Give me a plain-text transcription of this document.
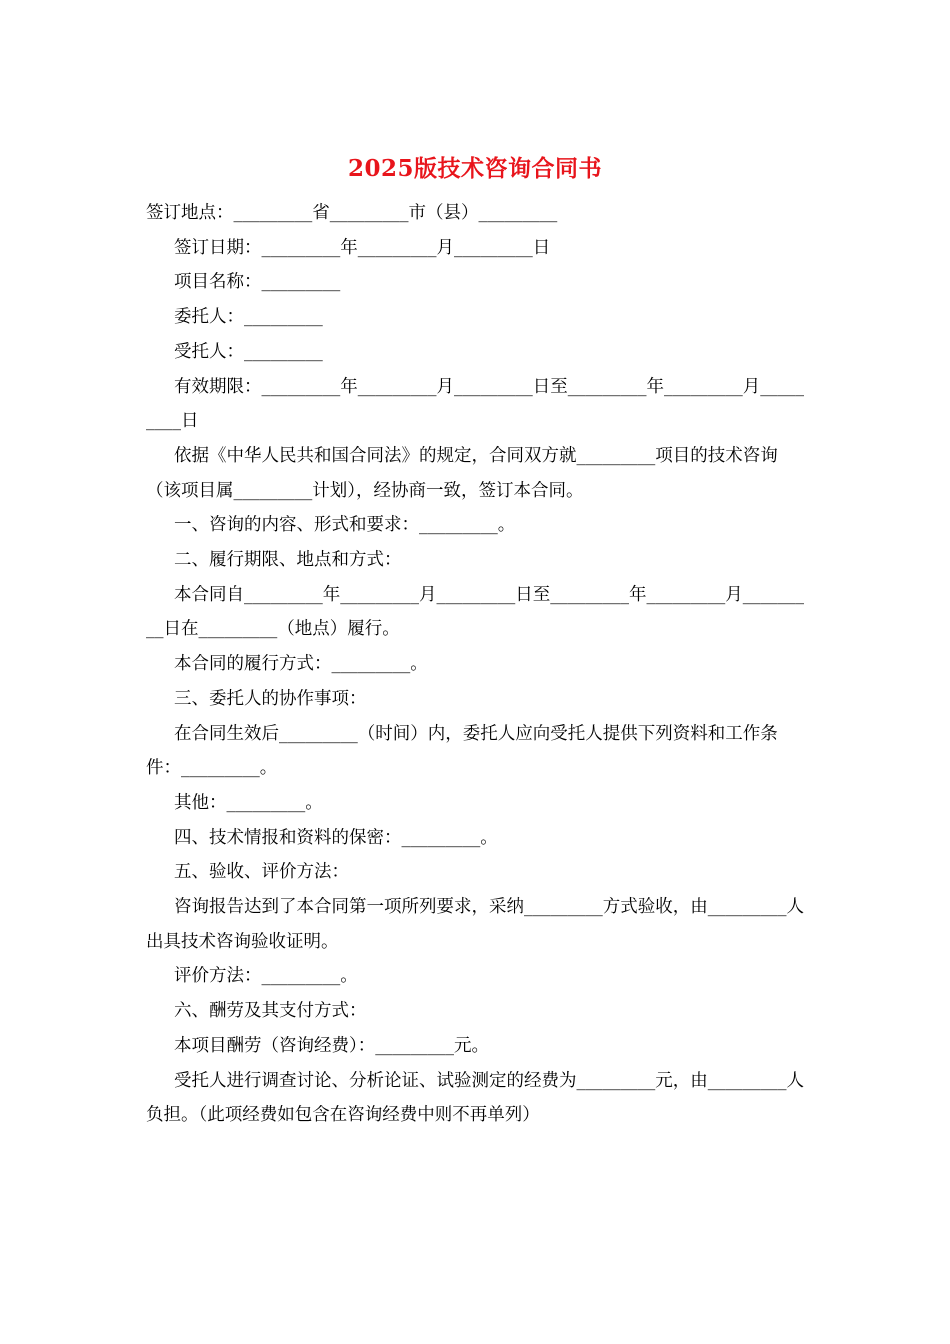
2025版技术咨询合同书

签订地点：_________省_________市（县）_________

签订日期：_________年_________月_________日

项目名称：_________

委托人：_________

受托人：_________

有效期限：_________年_________月_________日至_________年_________月_________日

依据《中华人民共和国合同法》的规定，合同双方就_________项目的技术咨询（该项目属_________计划），经协商一致，签订本合同。

一、咨询的内容、形式和要求：_________。

二、履行期限、地点和方式：

本合同自_________年_________月_________日至_________年_________月_________日在_________（地点）履行。

本合同的履行方式：_________。

三、委托人的协作事项：

在合同生效后_________（时间）内，委托人应向受托人提供下列资料和工作条件：_________。

其他：_________。

四、技术情报和资料的保密：_________。

五、验收、评价方法：

咨询报告达到了本合同第一项所列要求，采纳_________方式验收，由_________人出具技术咨询验收证明。

评价方法：_________。

六、酬劳及其支付方式：

本项目酬劳（咨询经费）：_________元。

受托人进行调查讨论、分析论证、试验测定的经费为_________元，由_________人负担。（此项经费如包含在咨询经费中则不再单列）
